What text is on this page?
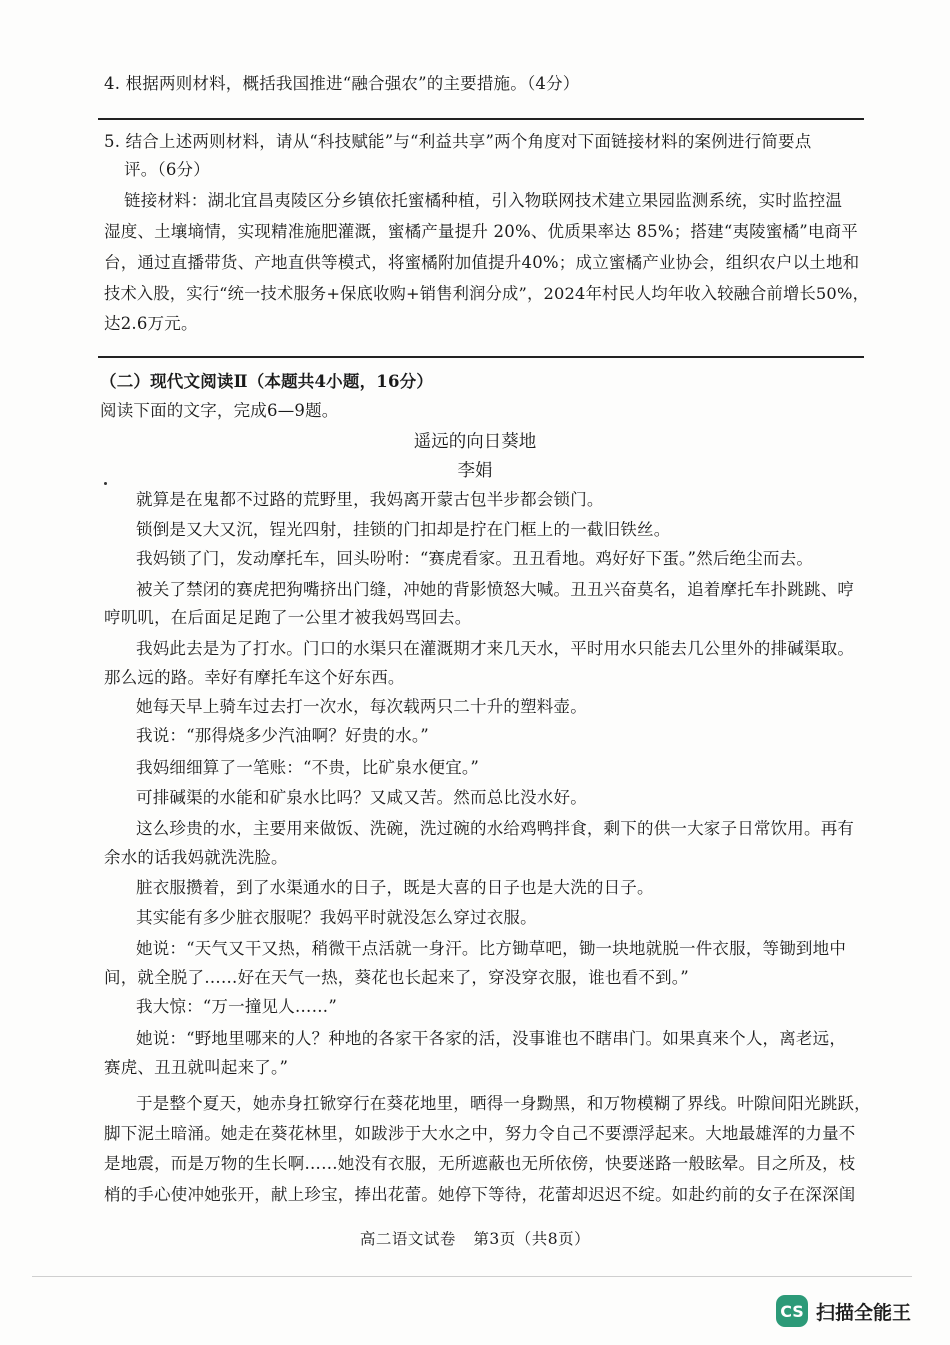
4. 根据两则材料，概括我国推进“融合强农”的主要措施。（4分）
5. 结合上述两则材料，请从“科技赋能”与“利益共享”两个角度对下面链接材料的案例进行简要点
评。（6分）
链接材料：湖北宜昌夷陵区分乡镇依托蜜橘种植，引入物联网技术建立果园监测系统，实时监控温
湿度、土壤墒情，实现精准施肥灌溉，蜜橘产量提升 20%、优质果率达 85%；搭建“夷陵蜜橘”电商平
台，通过直播带货、产地直供等模式，将蜜橘附加值提升40%；成立蜜橘产业协会，组织农户以土地和
技术入股，实行“统一技术服务+保底收购+销售利润分成”，2024年村民人均年收入较融合前增长50%，
达2.6万元。
（二）现代文阅读Ⅱ（本题共4小题，16分）
阅读下面的文字，完成6—9题。
遥远的向日葵地
李娟
就算是在鬼都不过路的荒野里，我妈离开蒙古包半步都会锁门。
锁倒是又大又沉，锃光四射，挂锁的门扣却是拧在门框上的一截旧铁丝。
我妈锁了门，发动摩托车，回头吩咐：“赛虎看家。丑丑看地。鸡好好下蛋。”然后绝尘而去。
被关了禁闭的赛虎把狗嘴挤出门缝，冲她的背影愤怒大喊。丑丑兴奋莫名，追着摩托车扑跳跳、哼
哼叽叽，在后面足足跑了一公里才被我妈骂回去。
我妈此去是为了打水。门口的水渠只在灌溉期才来几天水，平时用水只能去几公里外的排碱渠取。
那么远的路。幸好有摩托车这个好东西。
她每天早上骑车过去打一次水，每次载两只二十升的塑料壶。
我说：“那得烧多少汽油啊？好贵的水。”
我妈细细算了一笔账：“不贵，比矿泉水便宜。”
可排碱渠的水能和矿泉水比吗？又咸又苦。然而总比没水好。
这么珍贵的水，主要用来做饭、洗碗，洗过碗的水给鸡鸭拌食，剩下的供一大家子日常饮用。再有
余水的话我妈就洗洗脸。
脏衣服攒着，到了水渠通水的日子，既是大喜的日子也是大洗的日子。
其实能有多少脏衣服呢？我妈平时就没怎么穿过衣服。
她说：“天气又干又热，稍微干点活就一身汗。比方锄草吧，锄一块地就脱一件衣服，等锄到地中
间，就全脱了……好在天气一热，葵花也长起来了，穿没穿衣服，谁也看不到。”
我大惊：“万一撞见人……”
她说：“野地里哪来的人？种地的各家干各家的活，没事谁也不瞎串门。如果真来个人，离老远，
赛虎、丑丑就叫起来了。”
于是整个夏天，她赤身扛锨穿行在葵花地里，晒得一身黝黑，和万物模糊了界线。叶隙间阳光跳跃，
脚下泥土暗涌。她走在葵花林里，如跋涉于大水之中，努力令自己不要漂浮起来。大地最雄浑的力量不
是地震，而是万物的生长啊……她没有衣服，无所遮蔽也无所依傍，快要迷路一般眩晕。目之所及，枝
梢的手心使冲她张开，献上珍宝，捧出花蕾。她停下等待，花蕾却迟迟不绽。如赴约前的女子在深深闺
高二语文试卷 第3页（共8页）
CS 扫描全能王
